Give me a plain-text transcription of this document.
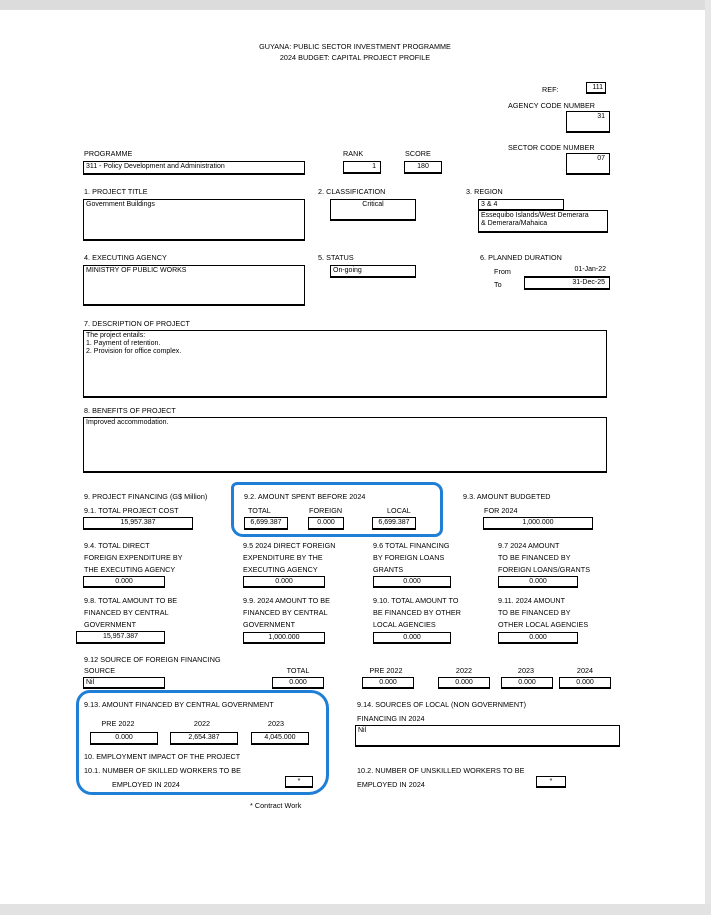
GUYANA: PUBLIC SECTOR INVESTMENT PROGRAMME
2024 BUDGET: CAPITAL PROJECT PROFILE
REF:	111
AGENCY CODE NUMBER
31
SECTOR CODE NUMBER
07
PROGRAMME
311 - Policy Development and Administration
RANK
1
SCORE
180
1. PROJECT TITLE
Government Buildings
2. CLASSIFICATION
Critical
3. REGION
3 & 4
Essequibo Islands/West Demerara
& Demerara/Mahaica
4. EXECUTING AGENCY
MINISTRY OF PUBLIC WORKS
5. STATUS
On-going
6. PLANNED DURATION
From	01-Jan-22
To	31-Dec-25
7. DESCRIPTION OF PROJECT
The project entails:
1. Payment of retention.
2. Provision for office complex.
8. BENEFITS OF PROJECT
Improved accommodation.
9. PROJECT FINANCING (G$ Million)
9.1. TOTAL PROJECT COST
15,957.387
9.2. AMOUNT SPENT BEFORE 2024
TOTAL	FOREIGN	LOCAL
6,699.387	0.000	6,699.387
9.3. AMOUNT BUDGETED
FOR 2024
1,000.000
9.4. TOTAL DIRECT
FOREIGN EXPENDITURE BY
THE EXECUTING AGENCY
0.000
9.5 2024 DIRECT FOREIGN
EXPENDITURE BY THE
EXECUTING AGENCY
0.000
9.6 TOTAL FINANCING
BY FOREIGN LOANS
GRANTS
0.000
9.7 2024 AMOUNT
TO BE FINANCED BY
FOREIGN LOANS/GRANTS
0.000
9.8. TOTAL AMOUNT TO BE
FINANCED BY CENTRAL
GOVERNMENT
15,957.387
9.9. 2024 AMOUNT TO BE
FINANCED BY CENTRAL
GOVERNMENT
1,000.000
9.10. TOTAL AMOUNT TO
BE FINANCED BY OTHER
LOCAL AGENCIES
0.000
9.11. 2024 AMOUNT
TO BE FINANCED BY
OTHER LOCAL AGENCIES
0.000
9.12 SOURCE OF FOREIGN FINANCING
SOURCE
Nil
TOTAL	PRE 2022	2022	2023	2024
0.000	0.000	0.000	0.000	0.000
9.13. AMOUNT FINANCED BY CENTRAL GOVERNMENT
PRE 2022	2022	2023
0.000	2,654.387	4,045.000
9.14. SOURCES OF LOCAL (NON GOVERNMENT)
FINANCING IN 2024
Nil
10. EMPLOYMENT IMPACT OF THE PROJECT
10.1. NUMBER OF SKILLED WORKERS TO BE
EMPLOYED IN 2024	*
10.2. NUMBER OF UNSKILLED WORKERS TO BE
EMPLOYED IN 2024	*
* Contract Work
